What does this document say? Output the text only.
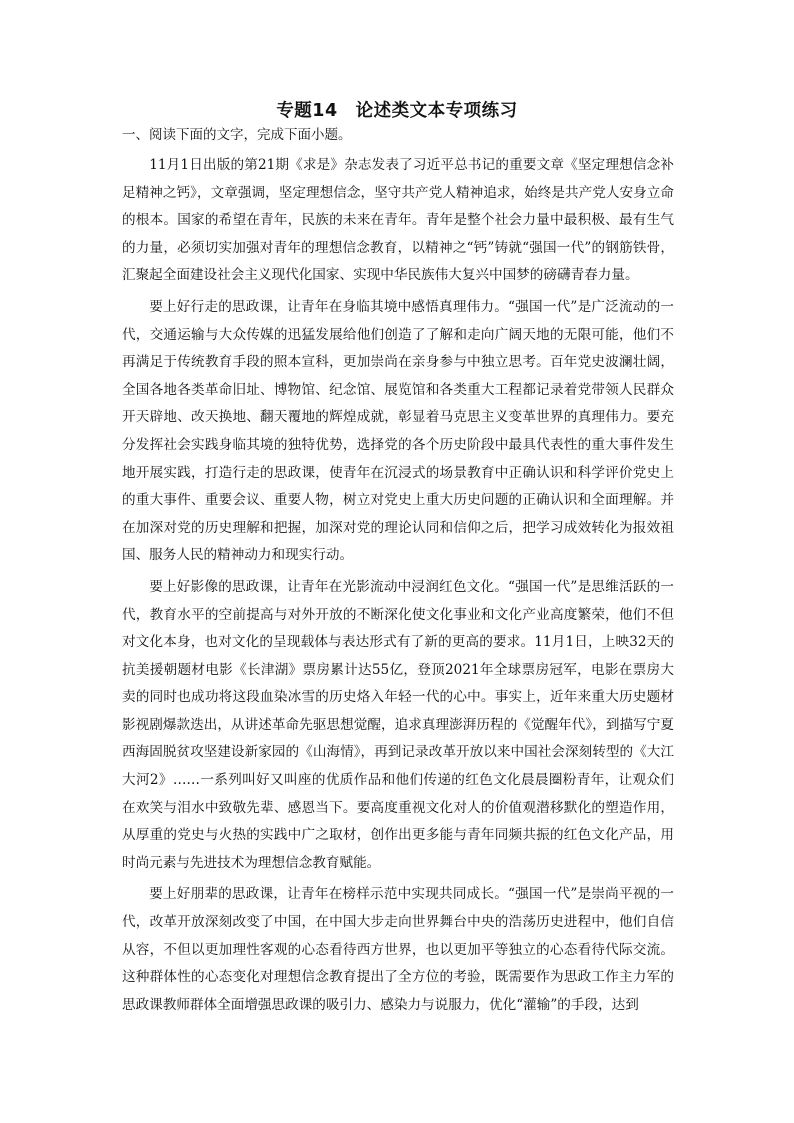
专题14　论述类文本专项练习

一、阅读下面的文字，完成下面小题。

11月1日出版的第21期《求是》杂志发表了习近平总书记的重要文章《坚定理想信念补足精神之钙》，文章强调，坚定理想信念，坚守共产党人精神追求，始终是共产党人安身立命的根本。国家的希望在青年，民族的未来在青年。青年是整个社会力量中最积极、最有生气的力量，必须切实加强对青年的理想信念教育，以精神之“钙”铸就“强国一代”的钢筋铁骨，汇聚起全面建设社会主义现代化国家、实现中华民族伟大复兴中国梦的磅礴青春力量。

要上好行走的思政课，让青年在身临其境中感悟真理伟力。“强国一代”是广泛流动的一代，交通运输与大众传媒的迅猛发展给他们创造了了解和走向广阔天地的无限可能，他们不再满足于传统教育手段的照本宣科，更加崇尚在亲身参与中独立思考。百年党史波澜壮阔，全国各地各类革命旧址、博物馆、纪念馆、展览馆和各类重大工程都记录着党带领人民群众开天辟地、改天换地、翻天覆地的辉煌成就，彰显着马克思主义变革世界的真理伟力。要充分发挥社会实践身临其境的独特优势，选择党的各个历史阶段中最具代表性的重大事件发生地开展实践，打造行走的思政课，使青年在沉浸式的场景教育中正确认识和科学评价党史上的重大事件、重要会议、重要人物，树立对党史上重大历史问题的正确认识和全面理解。并在加深对党的历史理解和把握，加深对党的理论认同和信仰之后，把学习成效转化为报效祖国、服务人民的精神动力和现实行动。

要上好影像的思政课，让青年在光影流动中浸润红色文化。“强国一代”是思维活跃的一代，教育水平的空前提高与对外开放的不断深化使文化事业和文化产业高度繁荣，他们不但对文化本身，也对文化的呈现载体与表达形式有了新的更高的要求。11月1日，上映32天的抗美援朝题材电影《长津湖》票房累计达55亿，登顶2021年全球票房冠军，电影在票房大卖的同时也成功将这段血染冰雪的历史烙入年轻一代的心中。事实上，近年来重大历史题材影视剧爆款迭出，从讲述革命先驱思想觉醒，追求真理澎湃历程的《觉醒年代》，到描写宁夏西海固脱贫攻坚建设新家园的《山海情》，再到记录改革开放以来中国社会深刻转型的《大江大河2》……一系列叫好又叫座的优质作品和他们传递的红色文化晨晨圈粉青年，让观众们在欢笑与泪水中致敬先辈、感恩当下。要高度重视文化对人的价值观潜移默化的塑造作用，从厚重的党史与火热的实践中广之取材，创作出更多能与青年同频共振的红色文化产品，用时尚元素与先进技术为理想信念教育赋能。

要上好朋辈的思政课，让青年在榜样示范中实现共同成长。“强国一代”是崇尚平视的一代，改革开放深刻改变了中国，在中国大步走向世界舞台中央的浩荡历史进程中，他们自信从容，不但以更加理性客观的心态看待西方世界，也以更加平等独立的心态看待代际交流。这种群体性的心态变化对理想信念教育提出了全方位的考验，既需要作为思政工作主力军的思政课教师群体全面增强思政课的吸引力、感染力与说服力，优化“灌输”的手段，达到
